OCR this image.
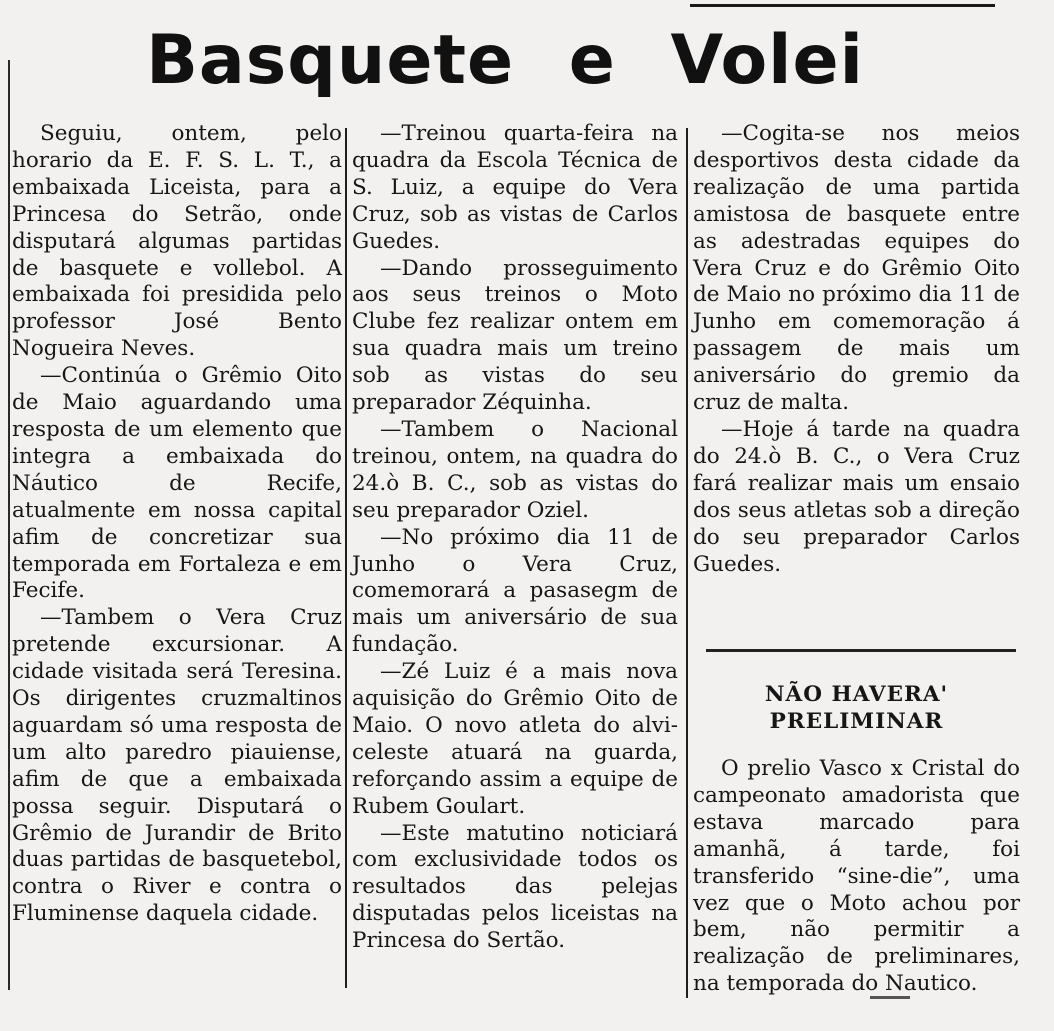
Basquete e Volei

Seguiu, ontem, pelo horario da E. F. S. L. T., a embaixada Liceista, para a Princesa do Setrão, onde disputará algumas partidas de basquete e vollebol. A embaixada foi presidida pelo professor José Bento Nogueira Neves.

—Continúa o Grêmio Oito de Maio aguardando uma resposta de um elemento que integra a embaixada do Náutico de Recife, atualmente em nossa capital afim de concretizar sua temporada em Fortaleza e em Fecife.

—Tambem o Vera Cruz pretende excursionar. A cidade visitada será Teresina. Os dirigentes cruzmaltinos aguardam só uma resposta de um alto paredro piauiense, afim de que a embaixada possa seguir. Disputará o Grêmio de Jurandir de Brito duas partidas de basquetebol, contra o River e contra o Fluminense daquela cidade.

—Treinou quarta-feira na quadra da Escola Técnica de S. Luiz, a equipe do Vera Cruz, sob as vistas de Carlos Guedes.

—Dando prosseguimento aos seus treinos o Moto Clube fez realizar ontem em sua quadra mais um treino sob as vistas do seu preparador Zéquinha.

—Tambem o Nacional treinou, ontem, na quadra do 24.ò B. C., sob as vistas do seu preparador Oziel.

—No próximo dia 11 de Junho o Vera Cruz, comemorará a pasasegm de mais um aniversário de sua fundação.

—Zé Luiz é a mais nova aquisição do Grêmio Oito de Maio. O novo atleta do alvi-celeste atuará na guarda, reforçando assim a equipe de Rubem Goulart.

—Este matutino noticiará com exclusividade todos os resultados das pelejas disputadas pelos liceistas na Princesa do Sertão.

—Cogita-se nos meios desportivos desta cidade da realização de uma partida amistosa de basquete entre as adestradas equipes do Vera Cruz e do Grêmio Oito de Maio no próximo dia 11 de Junho em comemoração á passagem de mais um aniversário do gremio da cruz de malta.

—Hoje á tarde na quadra do 24.ò B. C., o Vera Cruz fará realizar mais um ensaio dos seus atletas sob a direção do seu preparador Carlos Guedes.

NÃO HAVERA' PRELIMINAR

O prelio Vasco x Cristal do campeonato amadorista que estava marcado para amanhã, á tarde, foi transferido “sine-die”, uma vez que o Moto achou por bem, não permitir a realização de preliminares, na temporada do Nautico.
